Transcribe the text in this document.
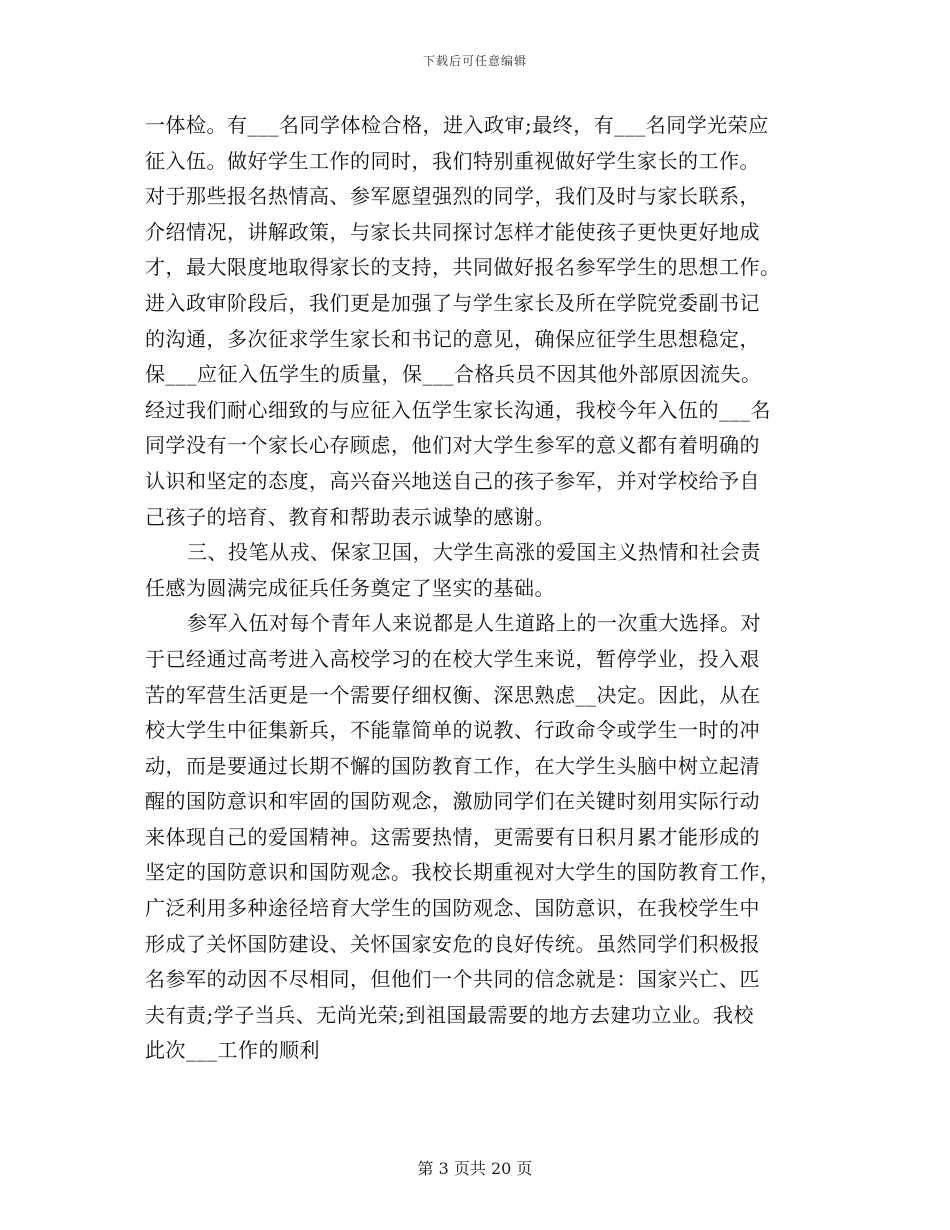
下载后可任意编辑
一体检。有___名同学体检合格，进入政审;最终，有___名同学光荣应
征入伍。做好学生工作的同时，我们特别重视做好学生家长的工作。
对于那些报名热情高、参军愿望强烈的同学，我们及时与家长联系，
介绍情况，讲解政策，与家长共同探讨怎样才能使孩子更快更好地成
才，最大限度地取得家长的支持，共同做好报名参军学生的思想工作。
进入政审阶段后，我们更是加强了与学生家长及所在学院党委副书记
的沟通，多次征求学生家长和书记的意见，确保应征学生思想稳定，
保___应征入伍学生的质量，保___合格兵员不因其他外部原因流失。
经过我们耐心细致的与应征入伍学生家长沟通，我校今年入伍的___名
同学没有一个家长心存顾虑，他们对大学生参军的意义都有着明确的
认识和坚定的态度，高兴奋兴地送自己的孩子参军，并对学校给予自
己孩子的培育、教育和帮助表示诚挚的感谢。
三、投笔从戎、保家卫国，大学生高涨的爱国主义热情和社会责
任感为圆满完成征兵任务奠定了坚实的基础。
参军入伍对每个青年人来说都是人生道路上的一次重大选择。对
于已经通过高考进入高校学习的在校大学生来说，暂停学业，投入艰
苦的军营生活更是一个需要仔细权衡、深思熟虑__决定。因此，从在
校大学生中征集新兵，不能靠简单的说教、行政命令或学生一时的冲
动，而是要通过长期不懈的国防教育工作，在大学生头脑中树立起清
醒的国防意识和牢固的国防观念，激励同学们在关键时刻用实际行动
来体现自己的爱国精神。这需要热情，更需要有日积月累才能形成的
坚定的国防意识和国防观念。我校长期重视对大学生的国防教育工作，
广泛利用多种途径培育大学生的国防观念、国防意识，在我校学生中
形成了关怀国防建设、关怀国家安危的良好传统。虽然同学们积极报
名参军的动因不尽相同，但他们一个共同的信念就是：国家兴亡、匹
夫有责;学子当兵、无尚光荣;到祖国最需要的地方去建功立业。我校
此次___工作的顺利
第 3 页共 20 页
